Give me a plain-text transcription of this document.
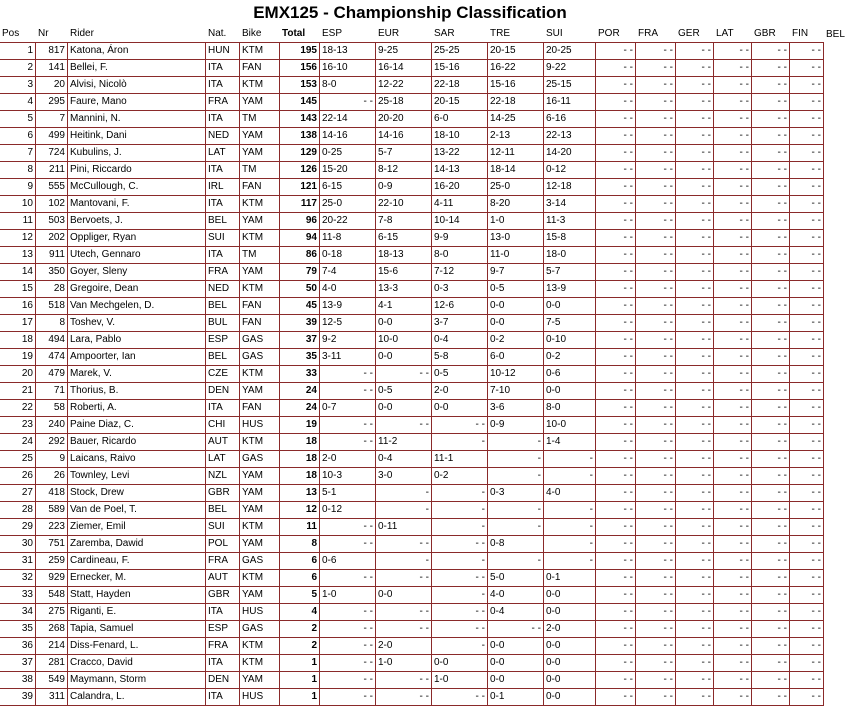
EMX125 - Championship Classification
Pos	Nr	Rider	Nat.	Bike	Total	ESP	EUR	SAR	TRE	SUI	POR	FRA	GER	LAT	GBR	FIN	BEL
1	817	Katona, Áron	HUN	KTM	195	18-13	9-25	25-25	20-15	20-25	- -	- -	- -	- -	- -	- -	
2	141	Bellei, F.	ITA	FAN	156	16-10	16-14	15-16	16-22	9-22	- -	- -	- -	- -	- -	- -	
3	20	Alvisi, Nicolò	ITA	KTM	153	8-0	12-22	22-18	15-16	25-15	- -	- -	- -	- -	- -	- -	
4	295	Faure, Mano	FRA	YAM	145	- -	25-18	20-15	22-18	16-11	- -	- -	- -	- -	- -	- -	
5	7	Mannini, N.	ITA	TM	143	22-14	20-20	6-0	14-25	6-16	- -	- -	- -	- -	- -	- -	
6	499	Heitink, Dani	NED	YAM	138	14-16	14-16	18-10	2-13	22-13	- -	- -	- -	- -	- -	- -	
7	724	Kubulins, J.	LAT	YAM	129	0-25	5-7	13-22	12-11	14-20	- -	- -	- -	- -	- -	- -	
8	211	Pini, Riccardo	ITA	TM	126	15-20	8-12	14-13	18-14	0-12	- -	- -	- -	- -	- -	- -	
9	555	McCullough, C.	IRL	FAN	121	6-15	0-9	16-20	25-0	12-18	- -	- -	- -	- -	- -	- -	
10	102	Mantovani, F.	ITA	KTM	117	25-0	22-10	4-11	8-20	3-14	- -	- -	- -	- -	- -	- -	
11	503	Bervoets, J.	BEL	YAM	96	20-22	7-8	10-14	1-0	11-3	- -	- -	- -	- -	- -	- -	
12	202	Oppliger, Ryan	SUI	KTM	94	11-8	6-15	9-9	13-0	15-8	- -	- -	- -	- -	- -	- -	
13	911	Utech, Gennaro	ITA	TM	86	0-18	18-13	8-0	11-0	18-0	- -	- -	- -	- -	- -	- -	
14	350	Goyer, Sleny	FRA	YAM	79	7-4	15-6	7-12	9-7	5-7	- -	- -	- -	- -	- -	- -	
15	28	Gregoire, Dean	NED	KTM	50	4-0	13-3	0-3	0-5	13-9	- -	- -	- -	- -	- -	- -	
16	518	Van Mechgelen, D.	BEL	FAN	45	13-9	4-1	12-6	0-0	0-0	- -	- -	- -	- -	- -	- -	
17	8	Toshev, V.	BUL	FAN	39	12-5	0-0	3-7	0-0	7-5	- -	- -	- -	- -	- -	- -	
18	494	Lara, Pablo	ESP	GAS	37	9-2	10-0	0-4	0-2	0-10	- -	- -	- -	- -	- -	- -	
19	474	Ampoorter, Ian	BEL	GAS	35	3-11	0-0	5-8	6-0	0-2	- -	- -	- -	- -	- -	- -	
20	479	Marek, V.	CZE	KTM	33	- -	- -	0-5	10-12	0-6	- -	- -	- -	- -	- -	- -	
21	71	Thorius, B.	DEN	YAM	24	- -	0-5	2-0	7-10	0-0	- -	- -	- -	- -	- -	- -	
22	58	Roberti, A.	ITA	FAN	24	0-7	0-0	0-0	3-6	8-0	- -	- -	- -	- -	- -	- -	
23	240	Paine Diaz, C.	CHI	HUS	19	- -	- -	- -	0-9	10-0	- -	- -	- -	- -	- -	- -	
24	292	Bauer, Ricardo	AUT	KTM	18	- -	11-2	-	-	1-4	- -	- -	- -	- -	- -	- -	
25	9	Laicans, Raivo	LAT	GAS	18	2-0	0-4	11-1	-	-	- -	- -	- -	- -	- -	- -	
26	26	Townley, Levi	NZL	YAM	18	10-3	3-0	0-2	-	-	- -	- -	- -	- -	- -	- -	
27	418	Stock, Drew	GBR	YAM	13	5-1	-	-	0-3	4-0	- -	- -	- -	- -	- -	- -	
28	589	Van de Poel, T.	BEL	YAM	12	0-12	-	-	-	-	- -	- -	- -	- -	- -	- -	
29	223	Ziemer, Emil	SUI	KTM	11	- -	0-11	-	-	-	- -	- -	- -	- -	- -	- -	
30	751	Zaremba, Dawid	POL	YAM	8	- -	- -	- -	0-8	-	- -	- -	- -	- -	- -	- -	
31	259	Cardineau, F.	FRA	GAS	6	0-6	-	-	-	-	- -	- -	- -	- -	- -	- -	
32	929	Ernecker, M.	AUT	KTM	6	- -	- -	- -	5-0	0-1	- -	- -	- -	- -	- -	- -	
33	548	Statt, Hayden	GBR	YAM	5	1-0	0-0	-	4-0	0-0	- -	- -	- -	- -	- -	- -	
34	275	Riganti, E.	ITA	HUS	4	- -	- -	- -	0-4	0-0	- -	- -	- -	- -	- -	- -	
35	268	Tapia, Samuel	ESP	GAS	2	- -	- -	- -	- -	2-0	- -	- -	- -	- -	- -	- -	
36	214	Diss-Fenard, L.	FRA	KTM	2	- -	2-0	-	0-0	0-0	- -	- -	- -	- -	- -	- -	
37	281	Cracco, David	ITA	KTM	1	- -	1-0	0-0	0-0	0-0	- -	- -	- -	- -	- -	- -	
38	549	Maymann, Storm	DEN	YAM	1	- -	- -	1-0	0-0	0-0	- -	- -	- -	- -	- -	- -	
39	311	Calandra, L.	ITA	HUS	1	- -	- -	- -	0-1	0-0	- -	- -	- -	- -	- -	- -	
